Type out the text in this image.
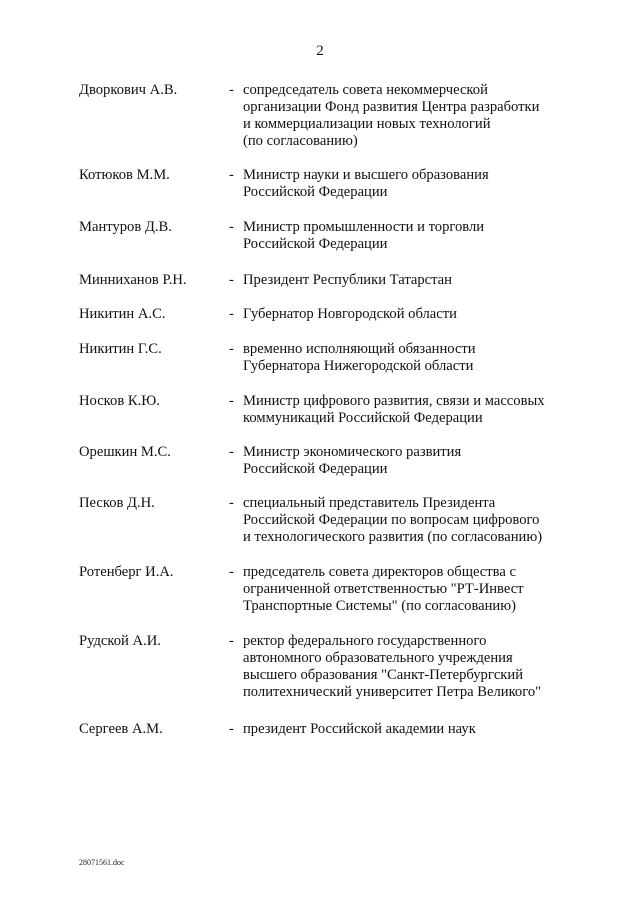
2
Дворкович А.В.	- сопредседатель совета некоммерческой
организации Фонд развития Центра разработки
и коммерциализации новых технологий
(по согласованию)
Котюков М.М.	- Министр науки и высшего образования
Российской Федерации
Мантуров Д.В.	- Министр промышленности и торговли
Российской Федерации
Минниханов Р.Н.	- Президент Республики Татарстан
Никитин А.С.	- Губернатор Новгородской области
Никитин Г.С.	- временно исполняющий обязанности
Губернатора Нижегородской области
Носков К.Ю.	- Министр цифрового развития, связи и массовых
коммуникаций Российской Федерации
Орешкин М.С.	- Министр экономического развития
Российской Федерации
Песков Д.Н.	- специальный представитель Президента
Российской Федерации по вопросам цифрового
и технологического развития (по согласованию)
Ротенберг И.А.	- председатель совета директоров общества с
ограниченной ответственностью "РТ-Инвест
Транспортные Системы" (по согласованию)
Рудской А.И.	- ректор федерального государственного
автономного образовательного учреждения
высшего образования "Санкт-Петербургский
политехнический университет Петра Великого"
Сергеев А.М.	- президент Российской академии наук
28071561.doc
